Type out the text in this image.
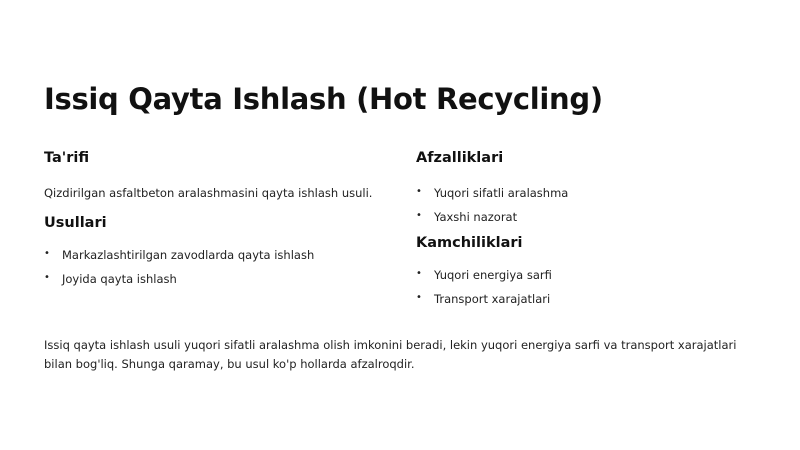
Issiq Qayta Ishlash (Hot Recycling)
Ta'rifi

Qizdirilgan asfaltbeton aralashmasini qayta ishlash usuli.

Usullari
• Markazlashtirilgan zavodlarda qayta ishlash
• Joyida qayta ishlash
Afzalliklari
• Yuqori sifatli aralashma
• Yaxshi nazorat
Kamchiliklari
• Yuqori energiya sarfi
• Transport xarajatlari

Issiq qayta ishlash usuli yuqori sifatli aralashma olish imkonini beradi, lekin yuqori energiya sarfi va transport xarajatlari bilan bog'liq. Shunga qaramay, bu usul ko'p hollarda afzalroqdir.
